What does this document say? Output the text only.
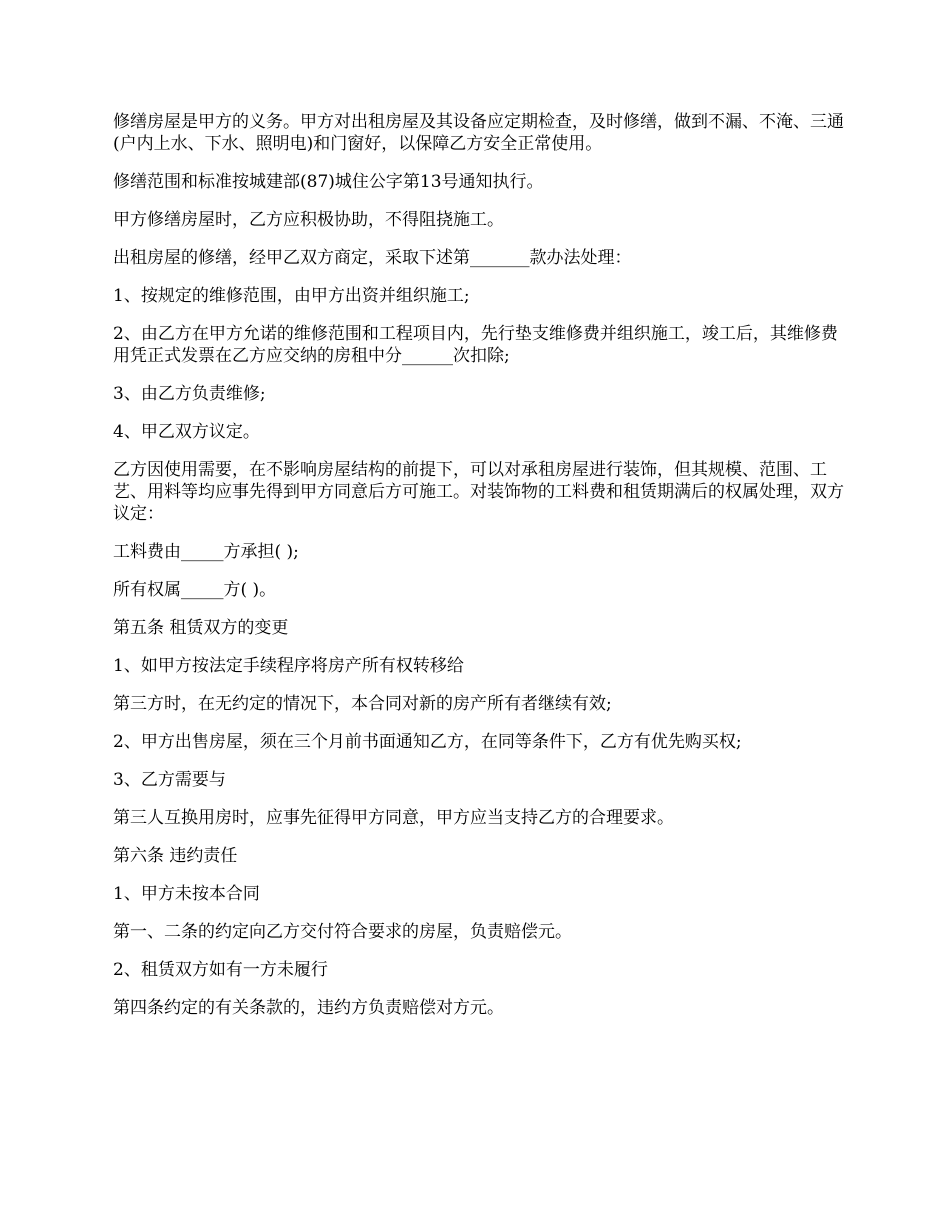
修缮房屋是甲方的义务。甲方对出租房屋及其设备应定期检查，及时修缮，做到不漏、不淹、三通(户内上水、下水、照明电)和门窗好，以保障乙方安全正常使用。

修缮范围和标准按城建部(87)城住公字第13号通知执行。

甲方修缮房屋时，乙方应积极协助，不得阻挠施工。

出租房屋的修缮，经甲乙双方商定，采取下述第_______款办法处理：

1、按规定的维修范围，由甲方出资并组织施工;

2、由乙方在甲方允诺的维修范围和工程项目内，先行垫支维修费并组织施工，竣工后，其维修费用凭正式发票在乙方应交纳的房租中分______次扣除;

3、由乙方负责维修;

4、甲乙双方议定。

乙方因使用需要，在不影响房屋结构的前提下，可以对承租房屋进行装饰，但其规模、范围、工艺、用料等均应事先得到甲方同意后方可施工。对装饰物的工料费和租赁期满后的权属处理，双方议定：

工料费由_____方承担( );

所有权属_____方( )。

第五条 租赁双方的变更

1、如甲方按法定手续程序将房产所有权转移给

第三方时，在无约定的情况下，本合同对新的房产所有者继续有效;

2、甲方出售房屋，须在三个月前书面通知乙方，在同等条件下，乙方有优先购买权;

3、乙方需要与

第三人互换用房时，应事先征得甲方同意，甲方应当支持乙方的合理要求。

第六条 违约责任

1、甲方未按本合同

第一、二条的约定向乙方交付符合要求的房屋，负责赔偿元。

2、租赁双方如有一方未履行

第四条约定的有关条款的，违约方负责赔偿对方元。
